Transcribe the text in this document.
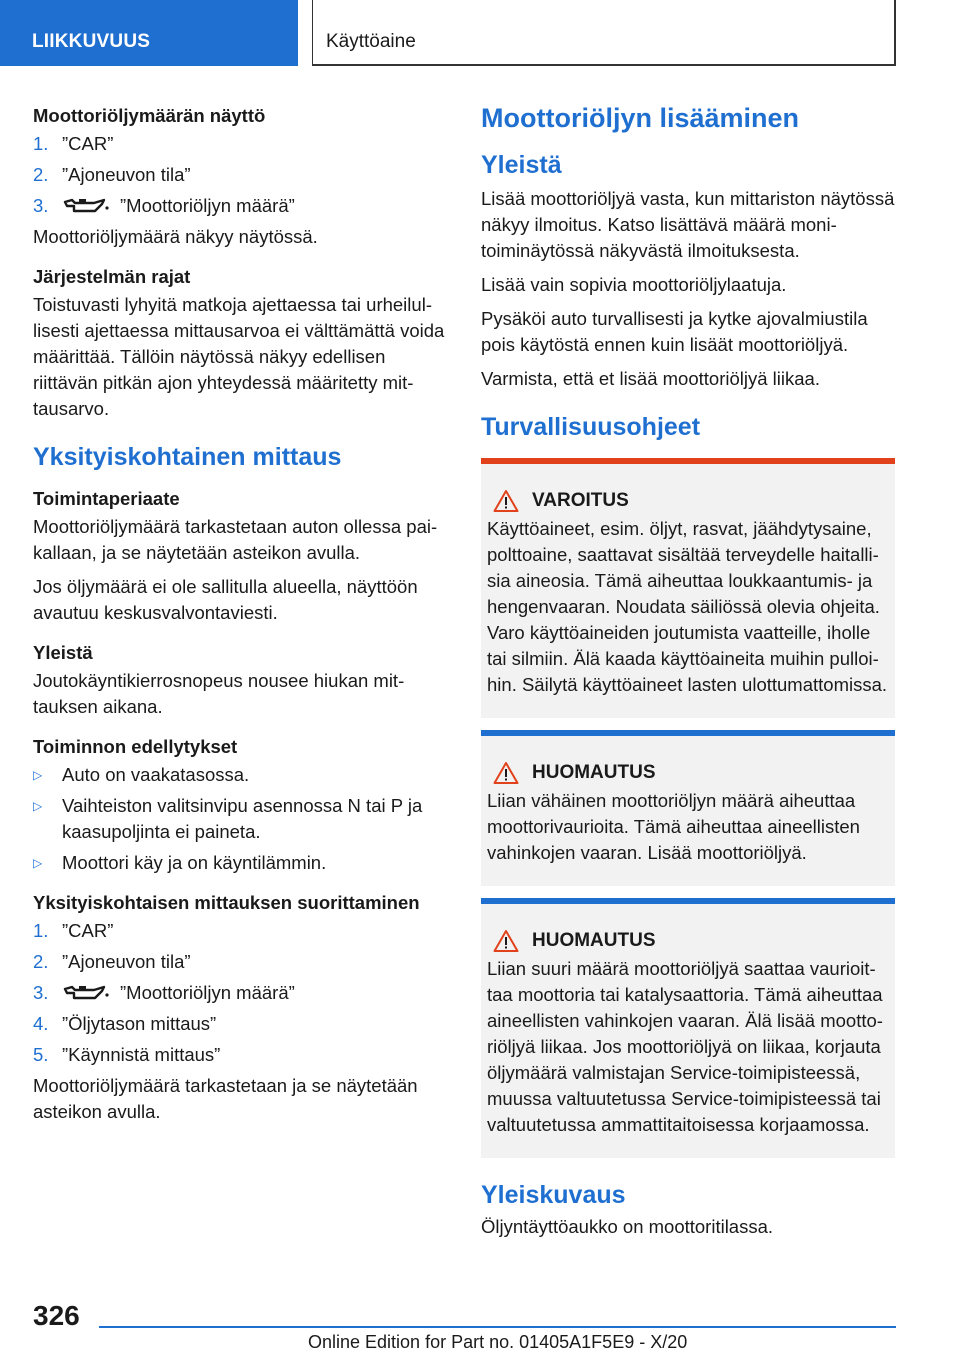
LIIKKUVUUS	Käyttöaine
Moottoriöljymäärän näyttö
1. ”CAR”
2. ”Ajoneuvon tila”
3.	”Moottoriöljyn määrä”
Moottoriöljymäärä näkyy näytössä.
Järjestelmän rajat
Toistuvasti lyhyitä matkoja ajettaessa tai urheilullisesti ajettaessa mittausarvoa ei välttämättä voida määrittää. Tällöin näytössä näkyy edellisen riittävän pitkän ajon yhteydessä määritetty mittausarvo.
Yksityiskohtainen mittaus
Toimintaperiaate
Moottoriöljymäärä tarkastetaan auton ollessa paikallaan, ja se näytetään asteikon avulla.
Jos öljymäärä ei ole sallitulla alueella, näyttöön avautuu keskusvalvontaviesti.
Yleistä
Joutokäyntikierrosnopeus nousee hiukan mittauksen aikana.
Toiminnon edellytykset
▷	Auto on vaakatasossa.
▷	Vaihteiston valitsinvipu asennossa N tai P ja kaasupoljinta ei paineta.
▷	Moottori käy ja on käyntilämmin.
Yksityiskohtaisen mittauksen suorittaminen
1. ”CAR”
2. ”Ajoneuvon tila”
3.	”Moottoriöljyn määrä”
4. ”Öljytason mittaus”
5. ”Käynnistä mittaus”
Moottoriöljymäärä tarkastetaan ja se näytetään asteikon avulla.
Moottoriöljyn lisääminen
Yleistä
Lisää moottoriöljyä vasta, kun mittariston näytössä näkyy ilmoitus. Katso lisättävä määrä monitoiminäytössä näkyvästä ilmoituksesta.
Lisää vain sopivia moottoriöljylaatuja.
Pysäköi auto turvallisesti ja kytke ajovalmiustila pois käytöstä ennen kuin lisäät moottoriöljyä.
Varmista, että et lisää moottoriöljyä liikaa.
Turvallisuusohjeet
VAROITUS
Käyttöaineet, esim. öljyt, rasvat, jäähdytysaine, polttoaine, saattavat sisältää terveydelle haitallisia aineosia. Tämä aiheuttaa loukkaantumis- ja hengenvaaran. Noudata säiliössä olevia ohjeita. Varo käyttöaineiden joutumista vaatteille, iholle tai silmiin. Älä kaada käyttöaineita muihin pulloihin. Säilytä käyttöaineet lasten ulottumattomissa.
HUOMAUTUS
Liian vähäinen moottoriöljyn määrä aiheuttaa moottorivaurioita. Tämä aiheuttaa aineellisten vahinkojen vaaran. Lisää moottoriöljyä.
HUOMAUTUS
Liian suuri määrä moottoriöljyä saattaa vaurioittaa moottoria tai katalysaattoria. Tämä aiheuttaa aineellisten vahinkojen vaaran. Älä lisää moottoriöljyä liikaa. Jos moottoriöljyä on liikaa, korjauta öljymäärä valmistajan Service-toimipisteessä, muussa valtuutetussa Service-toimipisteessä tai valtuutetussa ammattitaitoisessa korjaamossa.
Yleiskuvaus
Öljyntäyttöaukko on moottoritilassa.
326
Online Edition for Part no. 01405A1F5E9 - X/20
